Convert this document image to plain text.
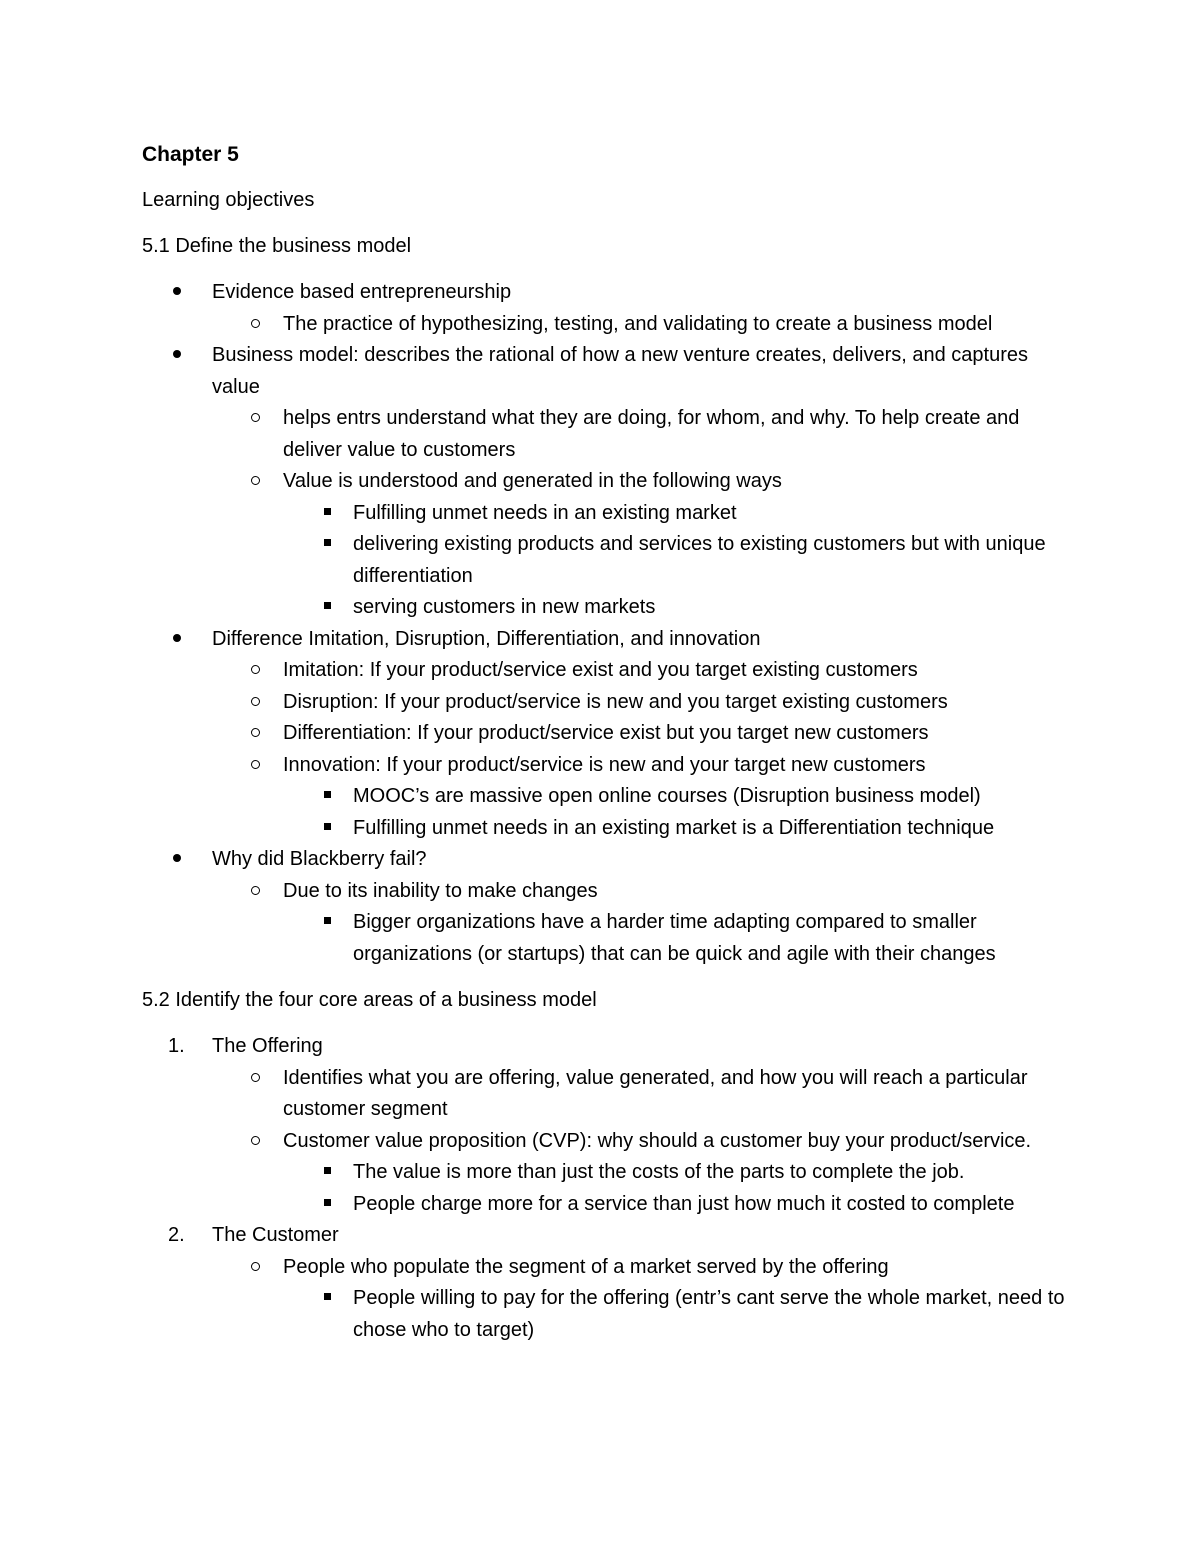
Chapter 5
Learning objectives
5.1 Define the business model
Evidence based entrepreneurship
The practice of hypothesizing, testing, and validating to create a business model
Business model: describes the rational of how a new venture creates, delivers, and captures value
helps entrs understand what they are doing, for whom, and why. To help create and deliver value to customers
Value is understood and generated in the following ways
Fulfilling unmet needs in an existing market
delivering existing products and services to existing customers but with unique differentiation
serving customers in new markets
Difference Imitation, Disruption, Differentiation, and innovation
Imitation: If your product/service exist and you target existing customers
Disruption: If your product/service is new and you target existing customers
Differentiation: If your product/service exist but you target new customers
Innovation: If your product/service is new and your target new customers
MOOC’s are massive open online courses (Disruption business model)
Fulfilling unmet needs in an existing market is a Differentiation technique
Why did Blackberry fail?
Due to its inability to make changes
Bigger organizations have a harder time adapting compared to smaller organizations (or startups) that can be quick and agile with their changes
5.2 Identify the four core areas of a business model
1. The Offering
Identifies what you are offering, value generated, and how you will reach a particular customer segment
Customer value proposition (CVP): why should a customer buy your product/service.
The value is more than just the costs of the parts to complete the job.
People charge more for a service than just how much it costed to complete
2. The Customer
People who populate the segment of a market served by the offering
People willing to pay for the offering (entr’s cant serve the whole market, need to chose who to target)
